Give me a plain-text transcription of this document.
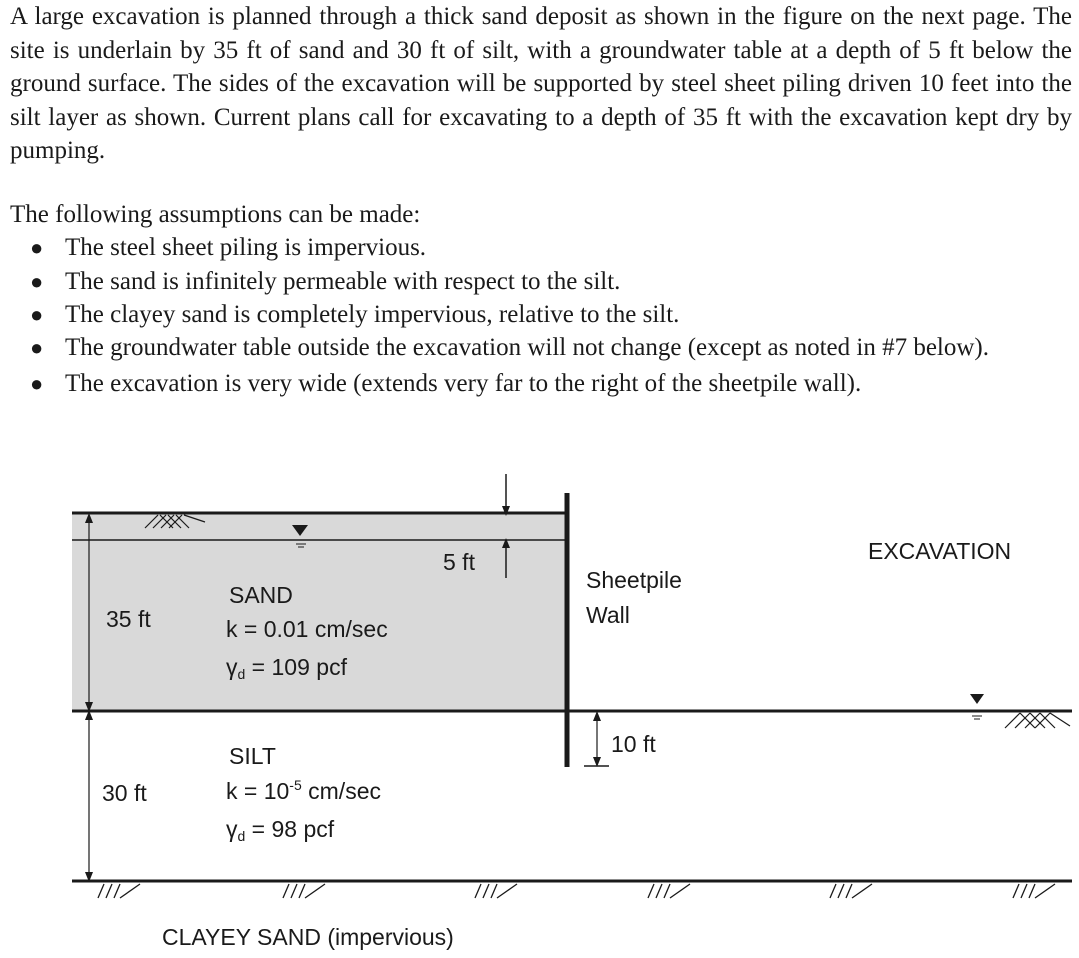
A large excavation is planned through a thick sand deposit as shown in the figure on the next page. The site is underlain by 35 ft of sand and 30 ft of silt, with a groundwater table at a depth of 5 ft below the ground surface. The sides of the excavation will be supported by steel sheet piling driven 10 feet into the silt layer as shown. Current plans call for excavating to a depth of 35 ft with the excavation kept dry by pumping.

The following assumptions can be made:

● The steel sheet piling is impervious.
● The sand is infinitely permeable with respect to the silt.
● The clayey sand is completely impervious, relative to the silt.
● The groundwater table outside the excavation will not change (except as noted in #7 below).
● The excavation is very wide (extends very far to the right of the sheetpile wall).
5 ft
35 ft
30 ft
SAND
k = 0.01 cm/sec
γd = 109 pcf
SILT
$k = 10^{-5}$ cm/sec
γd = 98 pcf
Sheetpile
Wall
EXCAVATION
10 ft
CLAYEY SAND (impervious)
